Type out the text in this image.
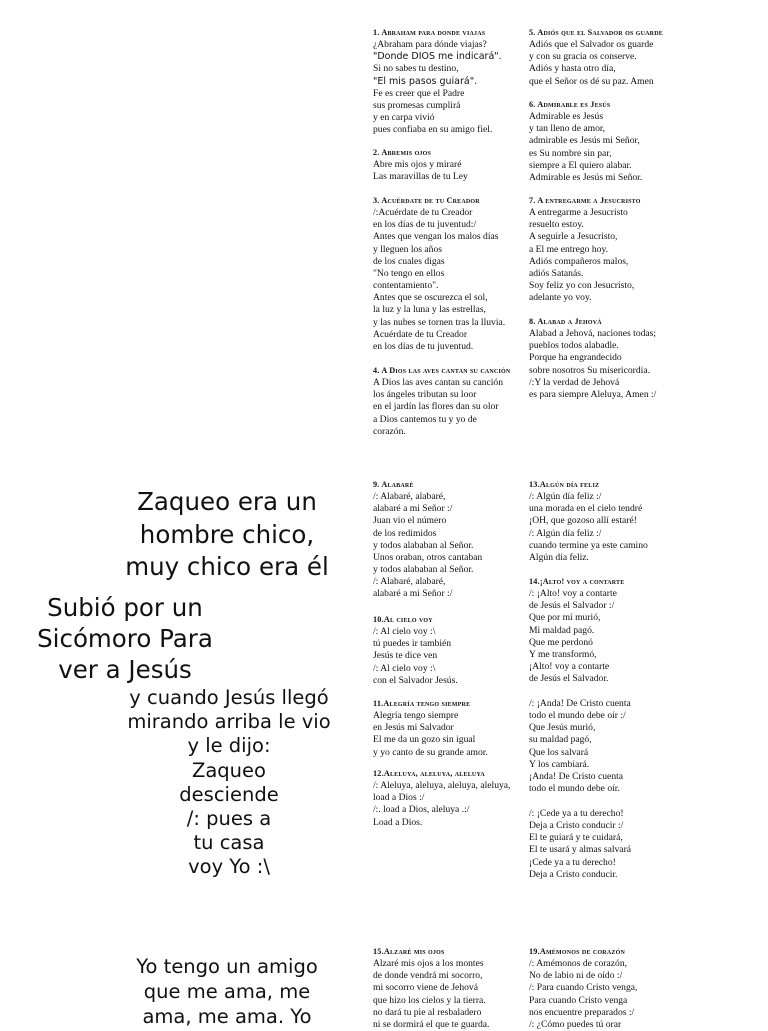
Zaqueo era un
hombre chico,
muy chico era él
Subió por un
Sicómoro Para
ver a Jesús
y cuando Jesús llegó
mirando arriba le vio
y le dijo:
Zaqueo
desciende
/: pues a
tu casa
voy Yo :\
Yo tengo un amigo
que me ama, me
ama, me ama. Yo
1. Abraham para donde viajas
¿Abraham para dónde viajas?
"Donde DIOS me indicará".
Si no sabes tu destino,
"El mis pasos guiará".
Fe es creer que el Padre
sus promesas cumplirá
y en carpa vivió
pues confiaba en su amigo fiel.
2. Abremis ojos
Abre mis ojos y miraré
Las maravillas de tu Ley
3. Acuérdate de tu Creador
/:Acuérdate de tu Creador
en los días de tu juventud:/
Antes que vengan los malos días
y lleguen los años
de los cuales digas
"No tengo en ellos
contentamiento".
Antes que se oscurezca el sol,
la luz y la luna y las estrellas,
y las nubes se tornen tras la lluvia.
Acuérdate de tu Creador
en los días de tu juventud.
4. A Dios las aves cantan su canción
A Dios las aves cantan su canción
los ángeles tributan su loor
en el jardín las flores dan su olor
a Dios cantemos tu y yo de
corazón.
5. Adiós que el Salvador os guarde
Adiós que el Salvador os guarde
y con su gracia os conserve.
Adiós y hasta otro día,
que el Señor os dé su paz. Amen
6. Admirable es Jesús
Admirable es Jesús
y tan lleno de amor,
admirable es Jesús mi Señor,
es Su nombre sin par,
siempre a El quiero alabar.
Admirable es Jesús mi Señor.
7. A entregarme a Jesucristo
A entregarme a Jesucristo
resuelto estoy.
A seguirle a Jesucristo,
a El me entrego hoy.
Adiós compañeros malos,
adiós Satanás.
Soy feliz yo con Jesucristo,
adelante yo voy.
8. Alabad a Jehová
Alabad a Jehová, naciones todas;
pueblos todos alabadle.
Porque ha engrandecido
sobre nosotros Su misericordia.
/:Y la verdad de Jehová
es para siempre Aleluya, Amen :/
9. Alabaré
/: Alabaré, alabaré,
alabaré a mi Señor :/
Juan vio el número
de los redimidos
y todos alababan al Señor.
Unos oraban, otros cantaban
y todos alababan al Señor.
/: Alabaré, alabaré,
alabaré a mi Señor :/
10.Al cielo voy
/: Al cielo voy :\
tú puedes ir también
Jesús te dice ven
/: Al cielo voy :\
con el Salvador Jesús.
11.Alegría tengo siempre
Alegría tengo siempre
en Jesús mi Salvador
El me da un gozo sin igual
y yo canto de su grande amor.
12.Aleluya, aleluya, aleluya
/: Aleluya, aleluya, aleluya, aleluya,
load a Dios :/
/:. load a Dios, aleluya .:/
Load a Dios.
13.Algún día feliz
/: Algún día feliz :/
una morada en el cielo tendré
¡OH, que gozoso allí estaré!
/: Algún día feliz :/
cuando termine ya este camino
Algún día feliz.
14.¡Alto! voy a contarte
/: ¡Alto! voy a contarte
de Jesús el Salvador :/
Que por mí murió,
Mi maldad pagó.
Que me perdonó
Y me transformó,
¡Alto! voy a contarte
de Jesús el Salvador.
/: ¡Anda! De Cristo cuenta
todo el mundo debe oír :/
Que Jesús murió,
su maldad pagó,
Que los salvará
Y los cambiará.
¡Anda! De Cristo cuenta
todo el mundo debe oír.
/: ¡Cede ya a tu derecho!
Deja a Cristo conducir :/
El te guiará y te cuidará,
El te usará y almas salvará
¡Cede ya a tu derecho!
Deja a Cristo conducir.
15.Alzaré mis ojos
Alzaré mis ojos a los montes
de donde vendrá mi socorro,
mi socorro viene de Jehová
que hizo los cielos y la tierra.
no dará tu pie al resbaladero
ni se dormirá el que te guarda.
19.Amémonos de corazón
/: Amémonos de corazón,
No de labio ni de oído :/
/: Para cuando Cristo venga,
Para cuando Cristo venga
nos encuentre preparados :/
/: ¿Cómo puedes tú orar
